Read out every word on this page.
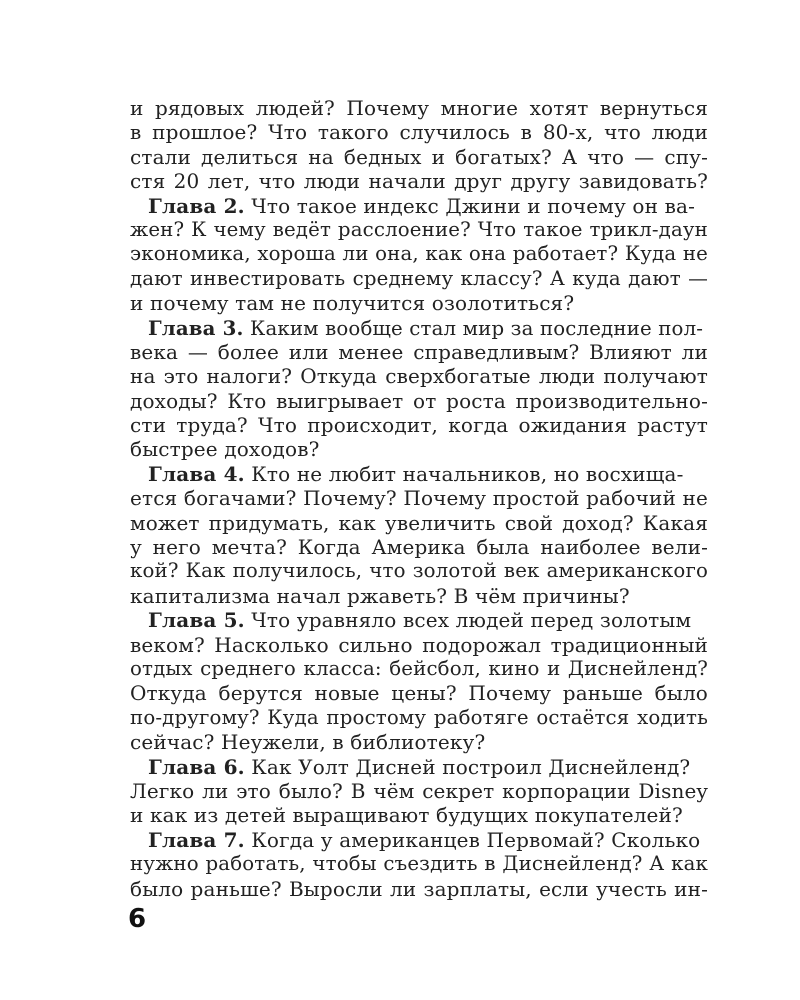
и рядовых людей? Почему многие хотят вернуться
в прошлое? Что такого случилось в 80-х, что люди
стали делиться на бедных и богатых? А что — спу-
стя 20 лет, что люди начали друг другу завидовать?
Глава 2. Что такое индекс Джини и почему он ва-
жен? К чему ведёт расслоение? Что такое трикл-даун
экономика, хороша ли она, как она работает? Куда не
дают инвестировать среднему классу? А куда дают —
и почему там не получится озолотиться?
Глава 3. Каким вообще стал мир за последние пол-
века — более или менее справедливым? Влияют ли
на это налоги? Откуда сверхбогатые люди получают
доходы? Кто выигрывает от роста производительно-
сти труда? Что происходит, когда ожидания растут
быстрее доходов?
Глава 4. Кто не любит начальников, но восхища-
ется богачами? Почему? Почему простой рабочий не
может придумать, как увеличить свой доход? Какая
у него мечта? Когда Америка была наиболее вели-
кой? Как получилось, что золотой век американского
капитализма начал ржаветь? В чём причины?
Глава 5. Что уравняло всех людей перед золотым
веком? Насколько сильно подорожал традиционный
отдых среднего класса: бейсбол, кино и Диснейленд?
Откуда берутся новые цены? Почему раньше было
по-другому? Куда простому работяге остаётся ходить
сейчас? Неужели, в библиотеку?
Глава 6. Как Уолт Дисней построил Диснейленд?
Легко ли это было? В чём секрет корпорации Disney
и как из детей выращивают будущих покупателей?
Глава 7. Когда у американцев Первомай? Сколько
нужно работать, чтобы съездить в Диснейленд? А как
было раньше? Выросли ли зарплаты, если учесть ин-
6
